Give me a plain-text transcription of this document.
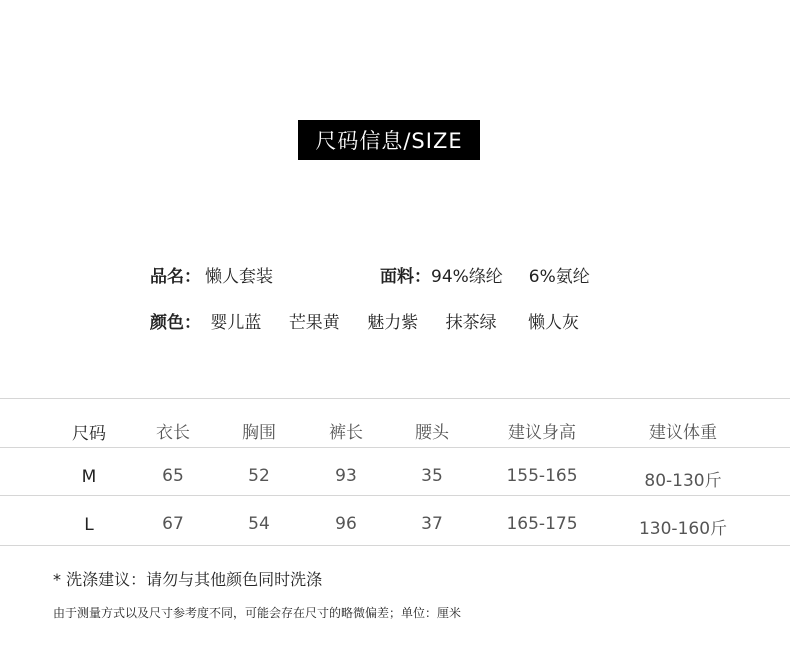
尺码信息/SIZE
品名： 懒人套装	面料：94%绦纶 6%氨纶
颜色： 婴儿蓝 芒果黄 魅力紫 抹茶绿 懒人灰
尺码	衣长	胸围	裤长	腰头	建议身高	建议体重
M	65	52	93	35	155-165	80-130斤
L	67	54	96	37	165-175	130-160斤
* 洗涤建议：请勿与其他颜色同时洗涤
由于测量方式以及尺寸参考度不同，可能会存在尺寸的略微偏差；单位：厘米
